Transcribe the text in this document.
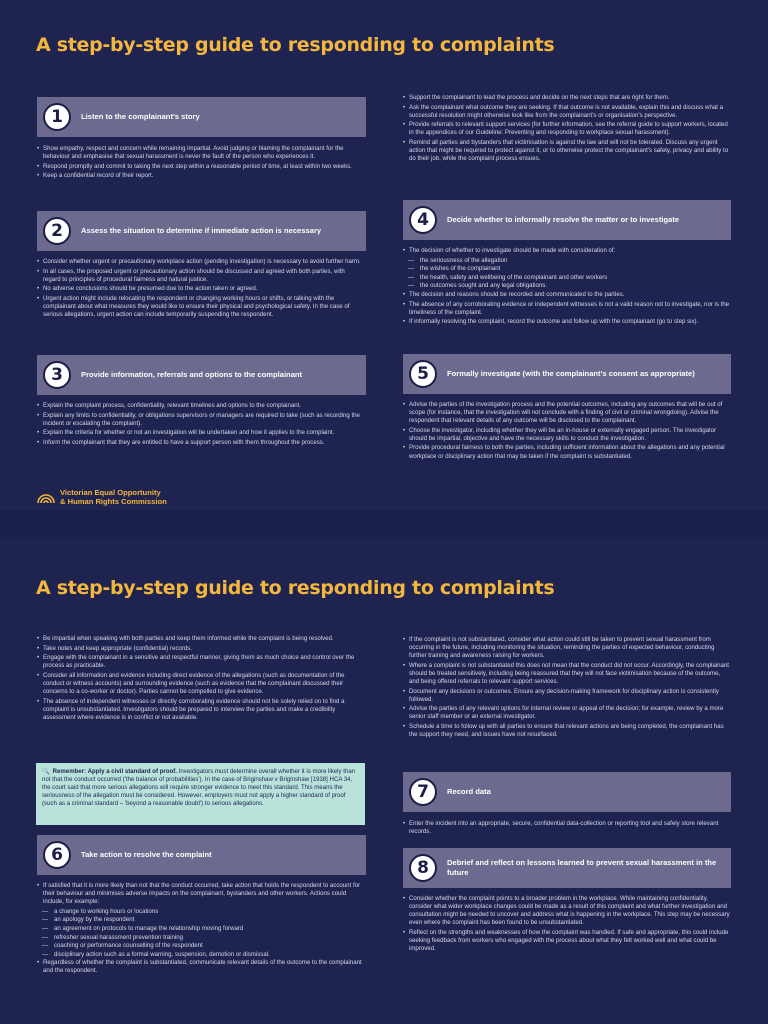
A step-by-step guide to responding to complaints
1	Listen to the complainant's story
• Show empathy, respect and concern while remaining impartial. Avoid judging or blaming the complainant for the behaviour and emphasise that sexual harassment is never the fault of the person who experiences it.
• Respond promptly and commit to taking the next step within a reasonable period of time, at least within two weeks.
• Keep a confidential record of their report.
2	Assess the situation to determine if immediate action is necessary
• Consider whether urgent or precautionary workplace action (pending investigation) is necessary to avoid further harm.
• In all cases, the proposed urgent or precautionary action should be discussed and agreed with both parties, with regard to principles of procedural fairness and natural justice.
• No adverse conclusions should be presumed due to the action taken or agreed.
• Urgent action might include relocating the respondent or changing working hours or shifts, or talking with the complainant about what measures they would like to ensure their physical and psychological safety. In the case of serious allegations, urgent action can include temporarily suspending the respondent.
3	Provide information, referrals and options to the complainant
• Explain the complaint process, confidentiality, relevant timelines and options to the complainant.
• Explain any limits to confidentiality, or obligations supervisors or managers are required to take (such as recording the incident or escalating the complaint).
• Explain the criteria for whether or not an investigation will be undertaken and how it applies to the complaint.
• Inform the complainant that they are entitled to have a support person with them throughout the process.
Victorian Equal Opportunity
& Human Rights Commission
• Support the complainant to lead the process and decide on the next steps that are right for them.
• Ask the complainant what outcome they are seeking. If that outcome is not available, explain this and discuss what a successful resolution might otherwise look like from the complainant's or organisation's perspective.
• Provide referrals to relevant support services (for further information, see the referral guide to support workers, located in the appendices of our Guideline: Preventing and responding to workplace sexual harassment).
• Remind all parties and bystanders that victimisation is against the law and will not be tolerated. Discuss any urgent action that might be required to protect against it, or to otherwise protect the complainant's safety, privacy and ability to do their job, while the complaint process ensues.
4	Decide whether to informally resolve the matter or to investigate
• The decision of whether to investigate should be made with consideration of:
— the seriousness of the allegation
— the wishes of the complainant
— the health, safety and wellbeing of the complainant and other workers
— the outcomes sought and any legal obligations.
• The decision and reasons should be recorded and communicated to the parties.
• The absence of any corroborating evidence or independent witnesses is not a valid reason not to investigate, nor is the timeliness of the complaint.
• If informally resolving the complaint, record the outcome and follow up with the complainant (go to step six).
5	Formally investigate (with the complainant's consent as appropriate)
• Advise the parties of the investigation process and the potential outcomes, including any outcomes that will be out of scope (for instance, that the investigation will not conclude with a finding of civil or criminal wrongdoing). Advise the respondent that relevant details of any outcome will be disclosed to the complainant.
• Choose the investigator, including whether they will be an in-house or externally engaged person. The investigator should be impartial, objective and have the necessary skills to conduct the investigation.
• Provide procedural fairness to both the parties, including sufficient information about the allegations and any potential workplace or disciplinary action that may be taken if the complaint is substantiated.
A step-by-step guide to responding to complaints
• Be impartial when speaking with both parties and keep them informed while the complaint is being resolved.
• Take notes and keep appropriate (confidential) records.
• Engage with the complainant in a sensitive and respectful manner, giving them as much choice and control over the process as practicable.
• Consider all information and evidence including direct evidence of the allegations (such as documentation of the conduct or witness accounts) and surrounding evidence (such as evidence that the complainant discussed their concerns to a co-worker or doctor). Parties cannot be compelled to give evidence.
• The absence of independent witnesses or directly corroborating evidence should not be solely relied on to find a complaint is unsubstantiated. Investigators should be prepared to interview the parties and make a credibility assessment where evidence is in conflict or not available.
🔍 Remember: Apply a civil standard of proof. Investigators must determine overall whether it is more likely than not that the conduct occurred ('the balance of probabilities'). In the case of Briginshaw v Briginshaw [1938] HCA 34, the court said that more serious allegations will require stronger evidence to meet this standard. This means the seriousness of the allegation must be considered. However, employers must not apply a higher standard of proof (such as a criminal standard – 'beyond a reasonable doubt') to serious allegations.
6	Take action to resolve the complaint
• If satisfied that it is more likely than not that the conduct occurred, take action that holds the respondent to account for their behaviour and minimises adverse impacts on the complainant, bystanders and other workers. Actions could include, for example:
— a change to working hours or locations
— an apology by the respondent
— an agreement on protocols to manage the relationship moving forward
— refresher sexual harassment prevention training
— coaching or performance counselling of the respondent
— disciplinary action such as a formal warning, suspension, demotion or dismissal.
• Regardless of whether the complaint is substantiated, communicate relevant details of the outcome to the complainant and the respondent.
• If the complaint is not substantiated, consider what action could still be taken to prevent sexual harassment from occurring in the future, including monitoring the situation, reminding the parties of expected behaviour, conducting further training and awareness raising for workers.
• Where a complaint is not substantiated this does not mean that the conduct did not occur. Accordingly, the complainant should be treated sensitively, including being reassured that they will not face victimisation because of the outcome, and being offered referrals to relevant support services.
• Document any decisions or outcomes. Ensure any decision-making framework for disciplinary action is consistently followed.
• Advise the parties of any relevant options for internal review or appeal of the decision; for example, review by a more senior staff member or an external investigator.
• Schedule a time to follow up with all parties to ensure that relevant actions are being completed, the complainant has the support they need, and issues have not resurfaced.
7	Record data
• Enter the incident into an appropriate, secure, confidential data-collection or reporting tool and safely store relevant records.
8	Debrief and reflect on lessons learned to prevent sexual harassment in the future
• Consider whether the complaint points to a broader problem in the workplace. While maintaining confidentiality, consider what wider workplace changes could be made as a result of this complaint and what further investigation and consultation might be needed to uncover and address what is happening in the workplace. This step may be necessary even where the complaint has been found to be unsubstantiated.
• Reflect on the strengths and weaknesses of how the complaint was handled. If safe and appropriate, this could include seeking feedback from workers who engaged with the process about what they felt worked well and what could be improved.
